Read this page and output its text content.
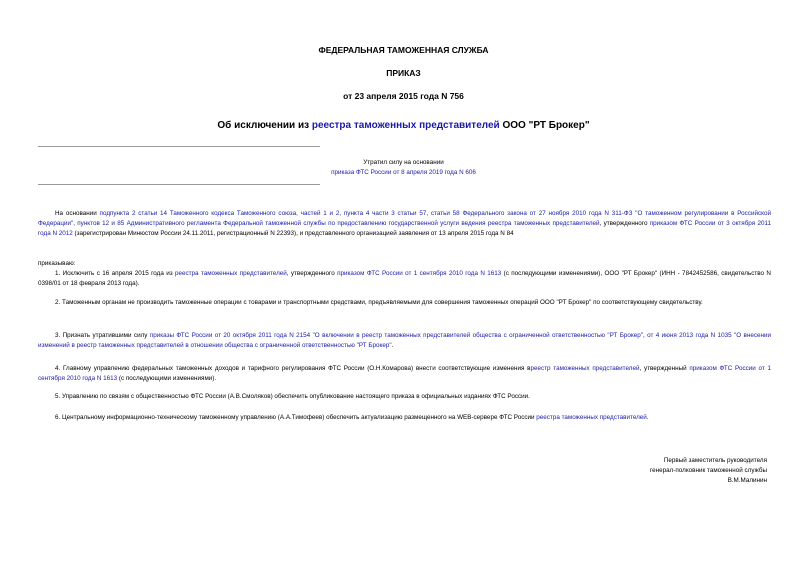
ФЕДЕРАЛЬНАЯ ТАМОЖЕННАЯ СЛУЖБА
ПРИКАЗ
от 23 апреля 2015 года N 756
Об исключении из реестра таможенных представителей ООО "РТ Брокер"
Утратил силу на основании
приказа ФТС России от 8 апреля 2019 года N 606
На основании подпункта 2 статьи 14 Таможенного кодекса Таможенного союза, частей 1 и 2, пункта 4 части 3 статьи 57, статьи 58 Федерального закона от 27 ноября 2010 года N 311-ФЗ "О таможенном регулировании в Российской Федерации", пунктов 12 и 85 Административного регламента Федеральной таможенной службы по предоставлению государственной услуги ведения реестра таможенных представителей, утвержденного приказом ФТС России от 3 октября 2011 года N 2012 (зарегистрирован Минюстом России 24.11.2011, регистрационный N 22393), и представленного организацией заявления от 13 апреля 2015 года N 84
приказываю:
1. Исключить с 16 апреля 2015 года из реестра таможенных представителей, утвержденного приказом ФТС России от 1 сентября 2010 года N 1613 (с последующими изменениями), ООО "РТ Брокер" (ИНН - 7842452586, свидетельство N 0398/01 от 18 февраля 2013 года).
2. Таможенным органам не производить таможенные операции с товарами и транспортными средствами, предъявляемыми для совершения таможенных операций ООО "РТ Брокер" по соответствующему свидетельству.
3. Признать утратившими силу приказы ФТС России от 20 октября 2011 года N 2154 "О включении в реестр таможенных представителей общества с ограниченной ответственностью "РТ Брокер", от 4 июня 2013 года N 1035 "О внесении изменений в реестр таможенных представителей в отношении общества с ограниченной ответственностью "РТ Брокер".
4. Главному управлению федеральных таможенных доходов и тарифного регулирования ФТС России (О.Н.Комарова) внести соответствующие изменения вреестр таможенных представителей, утвержденный приказом ФТС России от 1 сентября 2010 года N 1613 (с последующими изменениями).
5. Управлению по связям с общественностью ФТС России (А.В.Смоляков) обеспечить опубликование настоящего приказа в официальных изданиях ФТС России.
6. Центральному информационно-техническому таможенному управлению (А.А.Тимофеев) обеспечить актуализацию размещенного на WEB-сервере ФТС России реестра таможенных представителей.
Первый заместитель руководителя
генерал-полковник таможенной службы
В.М.Малинин
